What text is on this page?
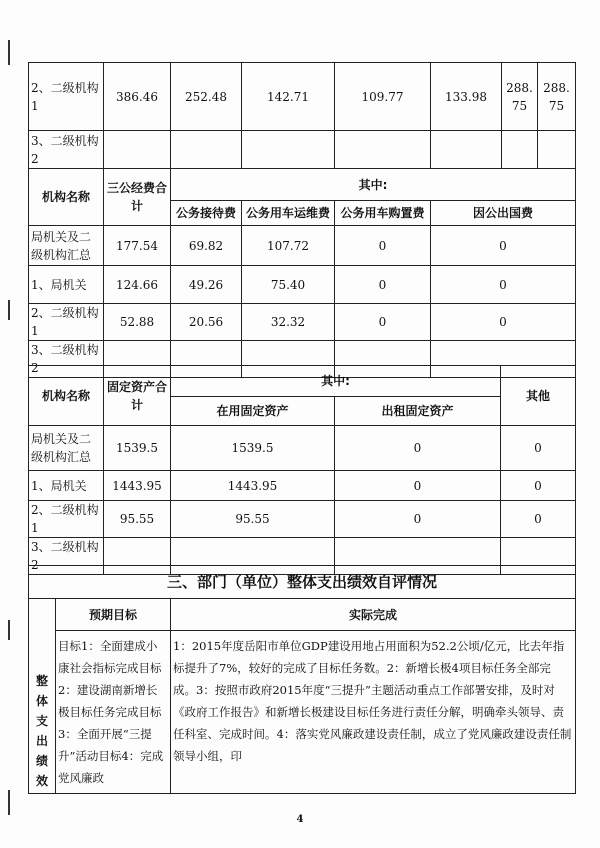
2、二级机构 1	386.46	252.48	142.71	109.77	133.98	288.75	288.75
3、二级机构 2							
机构名称	三公经费合计	其中:			
		公务接待费	公务用车运维费	公务用车购置费	因公出国费
局机关及二级机构汇总	177.54	69.82	107.72	0	0
1、局机关	124.66	49.26	75.40	0	0
2、二级机构 1	52.88	20.56	32.32	0	0
3、二级机构 2					
机构名称	固定资产合计	其中:		其他
		在用固定资产	出租固定资产	
局机关及二级机构汇总	1539.5	1539.5	0	0
1、局机关	1443.95	1443.95	0	0
2、二级机构 1	95.55	95.55	0	0
3、二级机构 2				
三、部门（单位）整体支出绩效自评情况		
整体支出绩效	预期目标	实际完成
	目标1：全面建成小康社会指标完成目标2：建设湖南新增长极目标任务完成目标3：全面开展“三提升”活动目标4：完成党风廉政	1：2015年度岳阳市单位GDP建设用地占用面积为52.2公顷/亿元，比去年指标提升了7%，较好的完成了目标任务数。2：新增长极4项目标任务全部完成。3：按照市政府2015年度“三提升”主题活动重点工作部署安排，及时对《政府工作报告》和新增长极建设目标任务进行责任分解，明确牵头领导、责任科室、完成时间。4：落实党风廉政建设责任制，成立了党风廉政建设责任制领导小组，印
4
